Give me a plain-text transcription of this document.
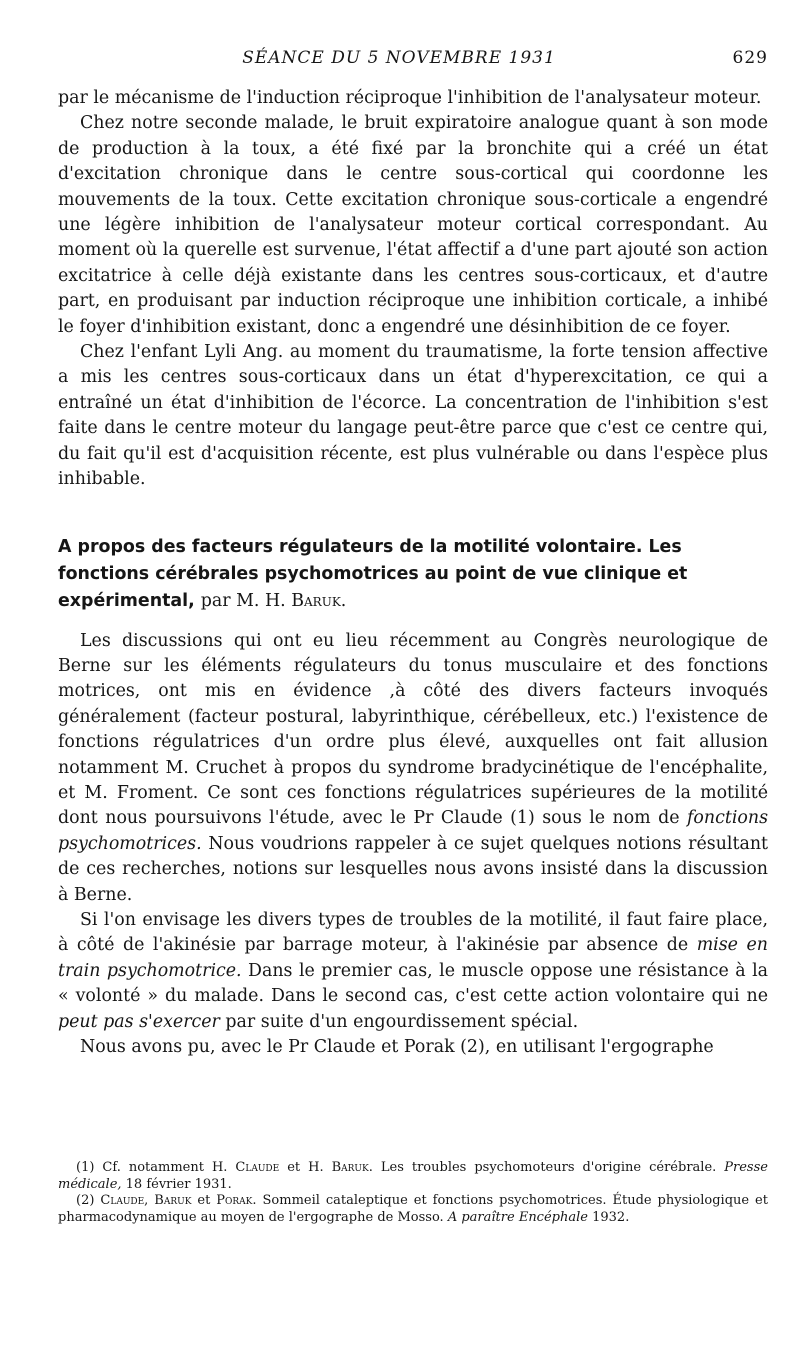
SÉANCE DU 5 NOVEMBRE 1931	629

par le mécanisme de l'induction réciproque l'inhibition de l'analysateur moteur.

Chez notre seconde malade, le bruit expiratoire analogue quant à son mode de production à la toux, a été fixé par la bronchite qui a créé un état d'excitation chronique dans le centre sous-cortical qui coordonne les mouvements de la toux. Cette excitation chronique sous-corticale a engendré une légère inhibition de l'analysateur moteur cortical correspondant. Au moment où la querelle est survenue, l'état affectif a d'une part ajouté son action excitatrice à celle déjà existante dans les centres sous-corticaux, et d'autre part, en produisant par induction réciproque une inhibition corticale, a inhibé le foyer d'inhibition existant, donc a engendré une désinhibition de ce foyer.

Chez l'enfant Lyli Ang. au moment du traumatisme, la forte tension affective a mis les centres sous-corticaux dans un état d'hyperexcitation, ce qui a entraîné un état d'inhibition de l'écorce. La concentration de l'inhibition s'est faite dans le centre moteur du langage peut-être parce que c'est ce centre qui, du fait qu'il est d'acquisition récente, est plus vulnérable ou dans l'espèce plus inhibable.

A propos des facteurs régulateurs de la motilité volontaire. Les fonctions cérébrales psychomotrices au point de vue clinique et expérimental, par M. H. Baruk.

Les discussions qui ont eu lieu récemment au Congrès neurologique de Berne sur les éléments régulateurs du tonus musculaire et des fonctions motrices, ont mis en évidence ,à côté des divers facteurs invoqués généralement (facteur postural, labyrinthique, cérébelleux, etc.) l'existence de fonctions régulatrices d'un ordre plus élevé, auxquelles ont fait allusion notamment M. Cruchet à propos du syndrome bradycinétique de l'encéphalite, et M. Froment. Ce sont ces fonctions régulatrices supérieures de la motilité dont nous poursuivons l'étude, avec le Pr Claude (1) sous le nom de fonctions psychomotrices. Nous voudrions rappeler à ce sujet quelques notions résultant de ces recherches, notions sur lesquelles nous avons insisté dans la discussion à Berne.

Si l'on envisage les divers types de troubles de la motilité, il faut faire place, à côté de l'akinésie par barrage moteur, à l'akinésie par absence de mise en train psychomotrice. Dans le premier cas, le muscle oppose une résistance à la « volonté » du malade. Dans le second cas, c'est cette action volontaire qui ne peut pas s'exercer par suite d'un engourdissement spécial.

Nous avons pu, avec le Pr Claude et Porak (2), en utilisant l'ergographe

(1) Cf. notamment H. Claude et H. Baruk. Les troubles psychomoteurs d'origine cérébrale. Presse médicale, 18 février 1931.

(2) Claude, Baruk et Porak. Sommeil cataleptique et fonctions psychomotrices. Étude physiologique et pharmacodynamique au moyen de l'ergographe de Mosso. A paraître Encéphale 1932.
